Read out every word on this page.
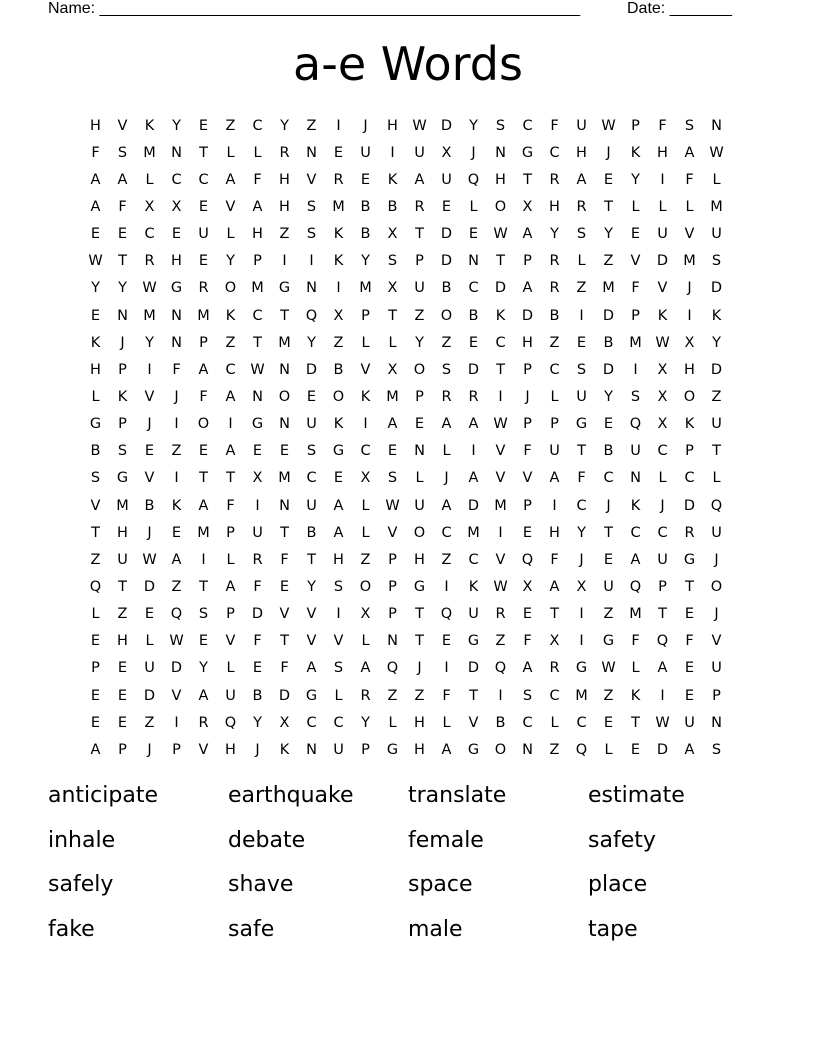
Name: ______________________________________________________	Date: _______
a-e Words
H	V	K	Y	E	Z	C	Y	Z	I	J	H W D	Y	S	C	F	U	W	P	F	S	N
F	S	M	N	T	L	L	R	N	E	U	I	U	X	J	N	G	C	H	J	K	H	A	W
A	A	L	C	C	A	F	H	V	R	E	K	A	U	Q	H	T	R	A	E	Y	I	F	L
A	F	X	X	E	V	A	H	S	M	B	B	R	E	L	O	X	H	R	T	L	L	L	M
E	E	C	E	U	L	H	Z	S	K	B	X	T	D	E	W	A	Y	S	Y	E	U	V	U
W	T	R	H	E	Y	P	I	I	K	Y	S	P	D	N	T	P	R	L	Z	V	D	M	S
Y	Y	W G	R	O	M	G	N	I	M	X	U	B	C	D	A	R	Z	M	F	V	J	D
E	N	M	N	M	K	C	T	Q	X	P	T	Z	O	B	K	D	B	I	D	P	K	I	K
K	J	Y	N	P	Z	T	M	Y	Z	L	L	Y	Z	E	C	H	Z	E	B	M W	X	Y
H	P	I	F	A	C	W N	D	B	V	X	O	S	D	T	P	C	S	D	I	X	H	D
L	K	V	J	F	A	N	O	E	O	K	M	P	R	R	I	J	L	U	Y	S	X	O	Z
G	P	J	I	O	I	G	N	U	K	I	A	E	A	A	W	P	P	G	E	Q	X	K	U
B	S	E	Z	E	A	E	E	S	G	C	E	N	L	I	V	F	U	T	B	U	C	P	T
S	G	V	I	T	T	X	M	C	E	X	S	L	J	A	V	V	A	F	C	N	L	C	L
V	M	B	K	A	F	I	N	U	A	L	W	U	A	D	M	P	I	C	J	K	J	D	Q
T	H	J	E	M	P	U	T	B	A	L	V	O	C	M	I	E	H	Y	T	C	C	R	U
Z	U	W	A	I	L	R	F	T	H	Z	P	H	Z	C	V	Q	F	J	E	A	U	G	J
Q	T	D	Z	T	A	F	E	Y	S	O	P	G	I	K	W	X	A	X	U	Q	P	T	O
L	Z	E	Q	S	P	D	V	V	I	X	P	T	Q	U	R	E	T	I	Z	M	T	E	J
E	H	L	W	E	V	F	T	V	V	L	N	T	E	G	Z	F	X	I	G	F	Q	F	V
P	E	U	D	Y	L	E	F	A	S	A	Q	J	I	D	Q	A	R	G W	L	A	E	U
E	E	D	V	A	U	B	D	G	L	R	Z	Z	F	T	I	S	C	M	Z	K	I	E	P
E	E	Z	I	R	Q	Y	X	C	C	Y	L	H	L	V	B	C	L	C	E	T	W	U	N
A	P	J	P	V	H	J	K	N	U	P	G	H	A	G	O	N	Z	Q	L	E	D	A	S
anticipate	earthquake	translate	estimate
inhale	debate	female	safety
safely	shave	space	place
fake	safe	male	tape
